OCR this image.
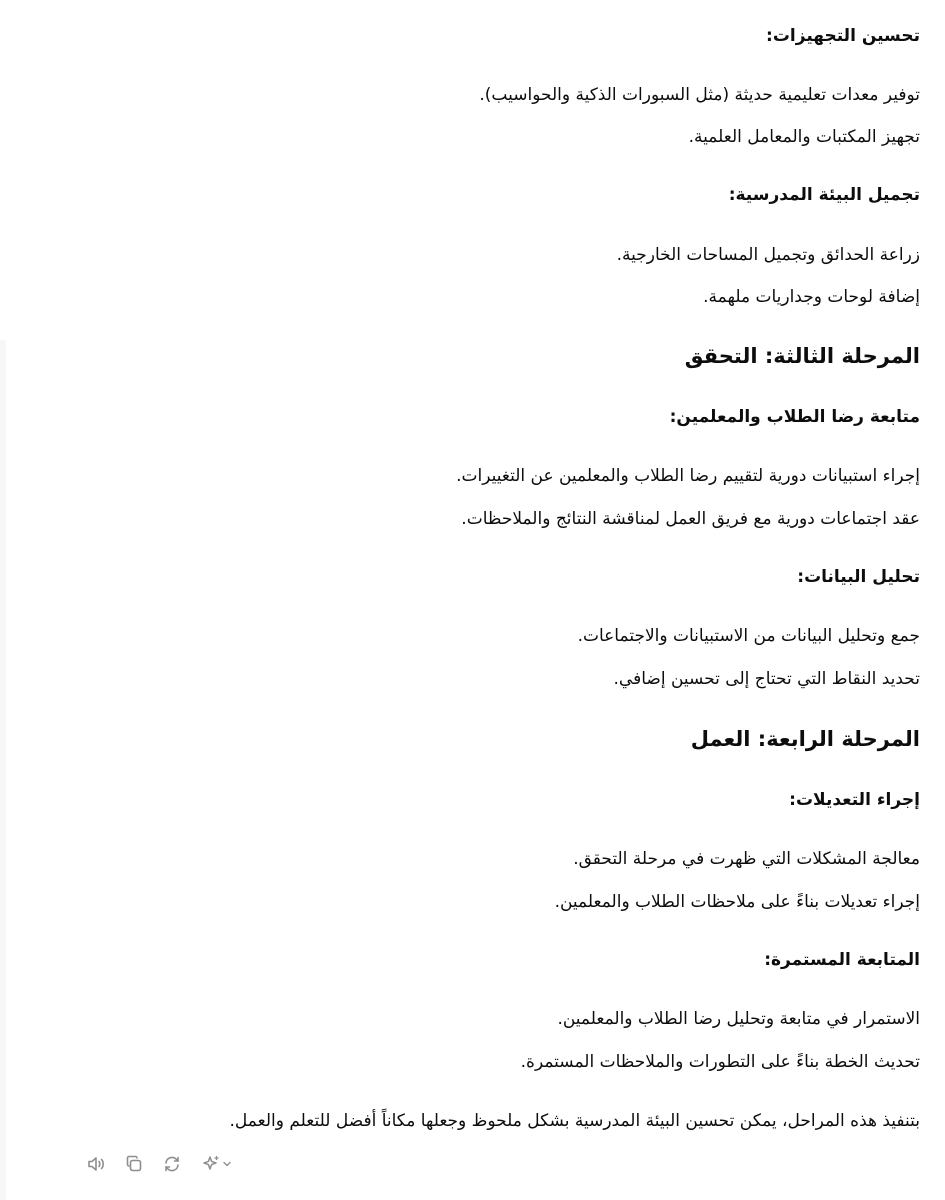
تحسين التجهيزات:

توفير معدات تعليمية حديثة (مثل السبورات الذكية والحواسيب).

تجهيز المكتبات والمعامل العلمية.

تجميل البيئة المدرسية:

زراعة الحدائق وتجميل المساحات الخارجية.

إضافة لوحات وجداريات ملهمة.

المرحلة الثالثة: التحقق

متابعة رضا الطلاب والمعلمين:

إجراء استبيانات دورية لتقييم رضا الطلاب والمعلمين عن التغييرات.

عقد اجتماعات دورية مع فريق العمل لمناقشة النتائج والملاحظات.

تحليل البيانات:

جمع وتحليل البيانات من الاستبيانات والاجتماعات.

تحديد النقاط التي تحتاج إلى تحسين إضافي.

المرحلة الرابعة: العمل

إجراء التعديلات:

معالجة المشكلات التي ظهرت في مرحلة التحقق.

إجراء تعديلات بناءً على ملاحظات الطلاب والمعلمين.

المتابعة المستمرة:

الاستمرار في متابعة وتحليل رضا الطلاب والمعلمين.

تحديث الخطة بناءً على التطورات والملاحظات المستمرة.

بتنفيذ هذه المراحل، يمكن تحسين البيئة المدرسية بشكل ملحوظ وجعلها مكاناً أفضل للتعلم والعمل.
